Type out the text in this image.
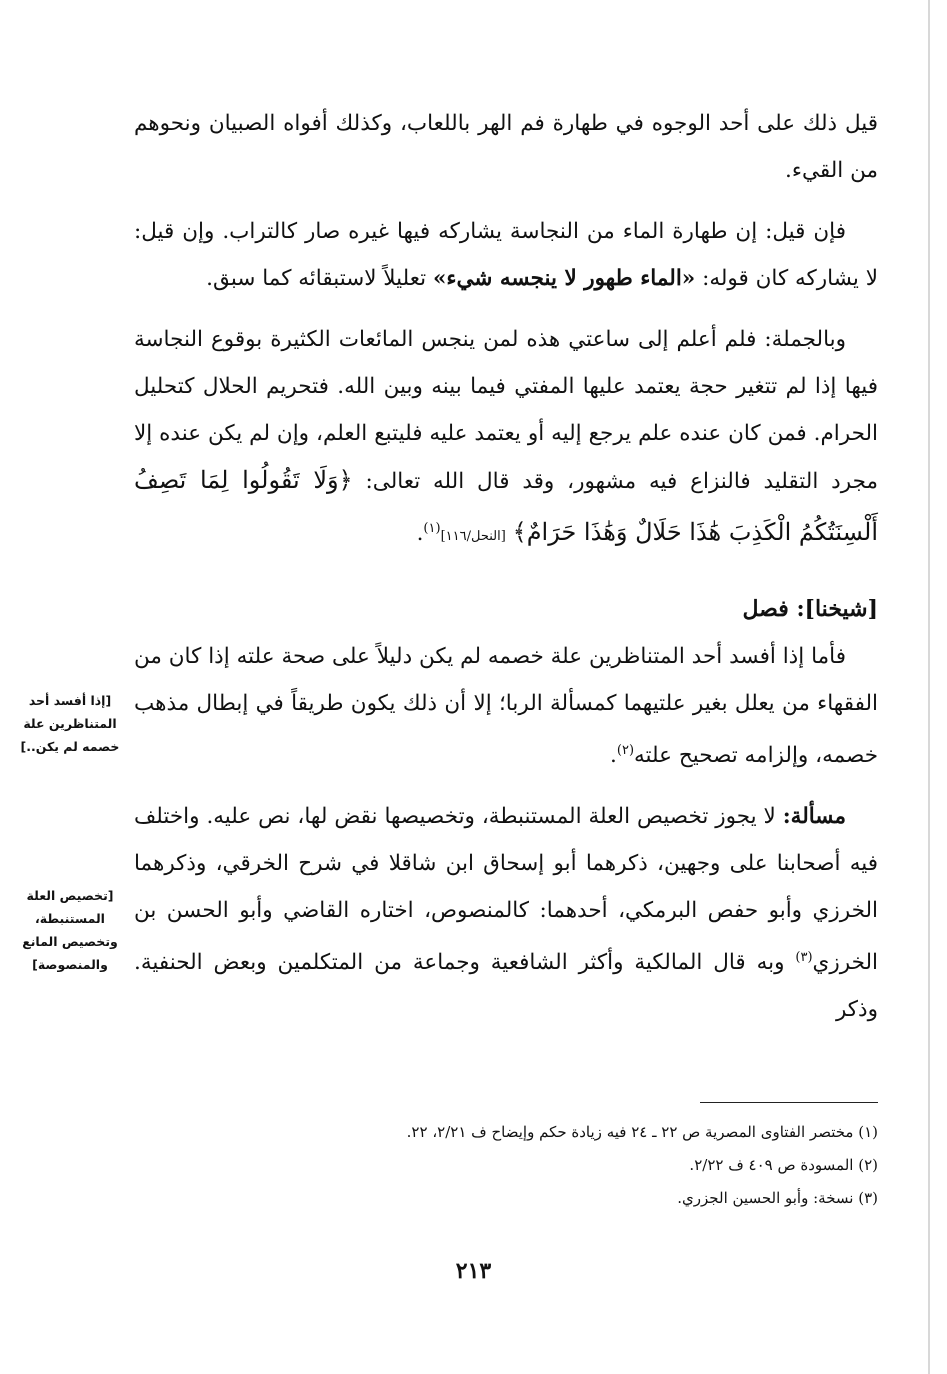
قيل ذلك على أحد الوجوه في طهارة فم الهر باللعاب، وكذلك أفواه الصبيان ونحوهم من القيء.

فإن قيل: إن طهارة الماء من النجاسة يشاركه فيها غيره صار كالتراب. وإن قيل: لا يشاركه كان قوله: «الماء طهور لا ينجسه شيء» تعليلاً لاستبقائه كما سبق.

وبالجملة: فلم أعلم إلى ساعتي هذه لمن ينجس المائعات الكثيرة بوقوع النجاسة فيها إذا لم تتغير حجة يعتمد عليها المفتي فيما بينه وبين الله. فتحريم الحلال كتحليل الحرام. فمن كان عنده علم يرجع إليه أو يعتمد عليه فليتبع العلم، وإن لم يكن عنده إلا مجرد التقليد فالنزاع فيه مشهور، وقد قال الله تعالى: ﴿وَلَا تَقُولُوا لِمَا تَصِفُ أَلْسِنَتُكُمُ الْكَذِبَ هَٰذَا حَلَالٌ وَهَٰذَا حَرَامٌ﴾ [النحل/١١٦]$^{(١)}$.

[شيخنا]: فصل

فأما إذا أفسد أحد المتناظرين علة خصمه لم يكن دليلاً على صحة علته إذا كان من الفقهاء من يعلل بغير علتيهما كمسألة الربا؛ إلا أن ذلك يكون طريقاً في إبطال مذهب خصمه، وإلزامه تصحيح علته$^{(٢)}$.

مسألة: لا يجوز تخصيص العلة المستنبطة، وتخصيصها نقض لها، نص عليه. واختلف فيه أصحابنا على وجهين، ذكرهما أبو إسحاق ابن شاقلا في شرح الخرقي، وذكرهما الخرزي وأبو حفص البرمكي، أحدهما: كالمنصوص، اختاره القاضي وأبو الحسن بن الخرزي$^{(٣)}$ وبه قال المالكية وأكثر الشافعية وجماعة من المتكلمين وبعض الحنفية. وذكر

[إذا أفسد أحد المتناظرين علة خصمه لم يكن..]
[تخصيص العلة المستنبطة، وتخصيص المانع والمنصوصة]
(١) مختصر الفتاوى المصرية ص ٢٢ ـ ٢٤ فيه زيادة حكم وإيضاح ف ٢/٢١، ٢٢.
(٢) المسودة ص ٤٠٩ ف ٢/٢٢.
(٣) نسخة: وأبو الحسين الجزري.
٢١٣
